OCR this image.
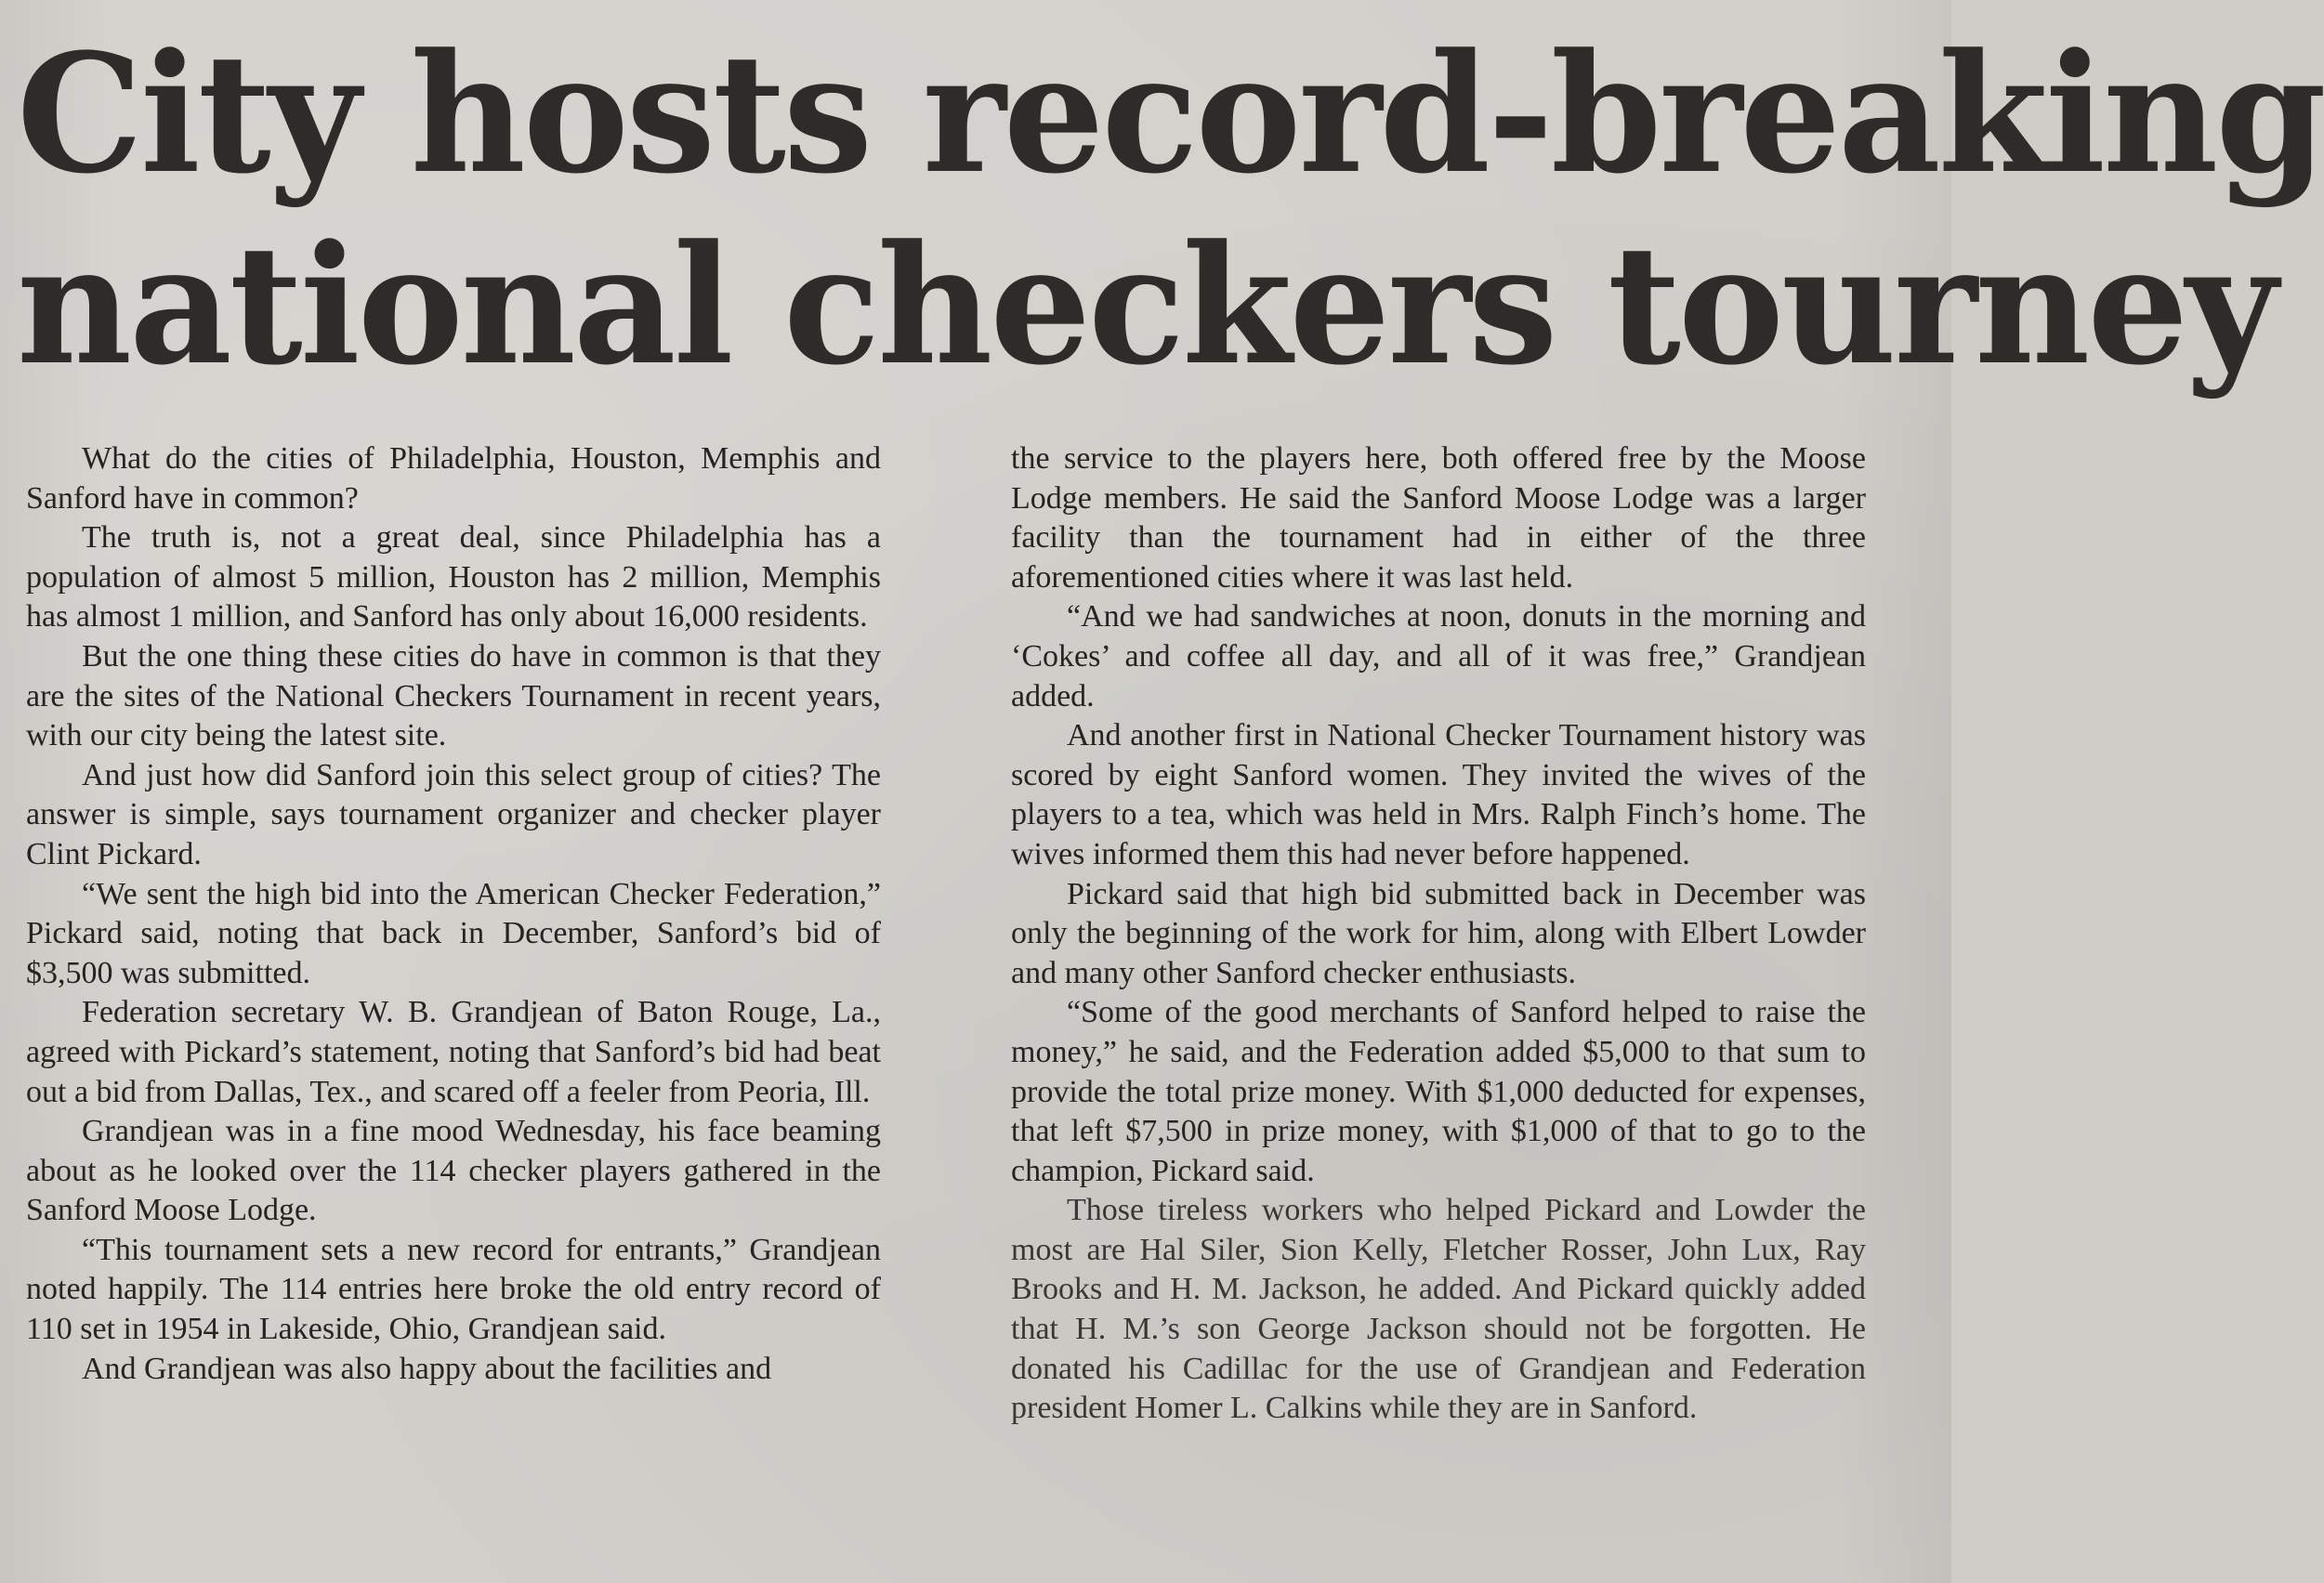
City hosts record-breaking
national checkers tourney

What do the cities of Philadelphia, Houston, Memphis and Sanford have in common?

The truth is, not a great deal, since Philadelphia has a population of almost 5 million, Houston has 2 million, Memphis has almost 1 million, and Sanford has only about 16,000 residents.

But the one thing these cities do have in common is that they are the sites of the National Checkers Tournament in recent years, with our city being the latest site.

And just how did Sanford join this select group of cities? The answer is simple, says tournament organizer and checker player Clint Pickard.

“We sent the high bid into the American Checker Federation,” Pickard said, noting that back in December, Sanford’s bid of $3,500 was submitted.

Federation secretary W. B. Grandjean of Baton Rouge, La., agreed with Pickard’s statement, noting that Sanford’s bid had beat out a bid from Dallas, Tex., and scared off a feeler from Peoria, Ill.

Grandjean was in a fine mood Wednesday, his face beaming about as he looked over the 114 checker players gathered in the Sanford Moose Lodge.

“This tournament sets a new record for entrants,” Grandjean noted happily. The 114 entries here broke the old entry record of 110 set in 1954 in Lakeside, Ohio, Grandjean said.

And Grandjean was also happy about the facilities and

the service to the players here, both offered free by the Moose Lodge members. He said the Sanford Moose Lodge was a larger facility than the tournament had in either of the three aforementioned cities where it was last held.

“And we had sandwiches at noon, donuts in the morning and ‘Cokes’ and coffee all day, and all of it was free,” Grandjean added.

And another first in National Checker Tournament history was scored by eight Sanford women. They invited the wives of the players to a tea, which was held in Mrs. Ralph Finch’s home. The wives informed them this had never before happened.

Pickard said that high bid submitted back in December was only the beginning of the work for him, along with Elbert Lowder and many other Sanford checker enthusiasts.

“Some of the good merchants of Sanford helped to raise the money,” he said, and the Federation added $5,000 to that sum to provide the total prize money. With $1,000 deducted for expenses, that left $7,500 in prize money, with $1,000 of that to go to the champion, Pickard said.

Those tireless workers who helped Pickard and Lowder the most are Hal Siler, Sion Kelly, Fletcher Rosser, John Lux, Ray Brooks and H. M. Jackson, he added. And Pickard quickly added that H. M.’s son George Jackson should not be forgotten. He donated his Cadillac for the use of Grandjean and Federation president Homer L. Calkins while they are in Sanford.
